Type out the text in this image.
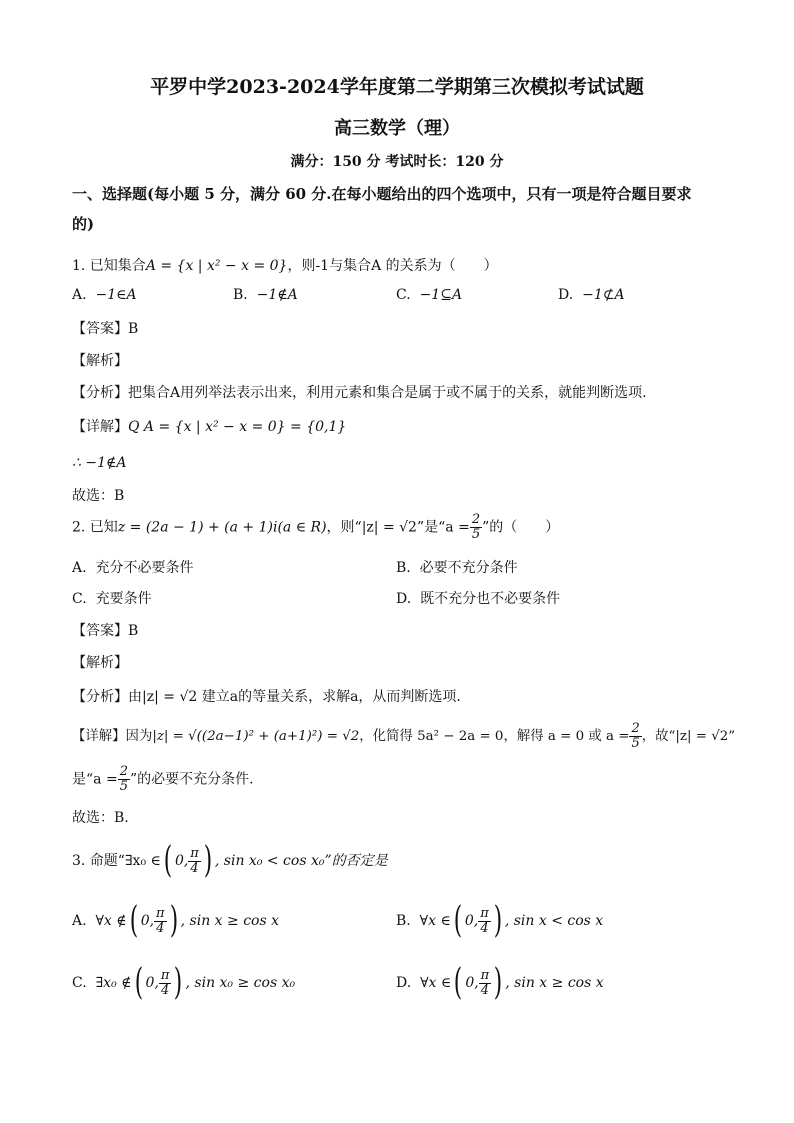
平罗中学2023-2024学年度第二学期第三次模拟考试试题
高三数学（理）
满分：150 分 考试时长：120 分
一、选择题(每小题 5 分，满分 60 分.在每小题给出的四个选项中，只有一项是符合题目要求
的)
1. 已知集合A = {x | x² − x = 0}，则-1与集合A 的关系为（　　）
A. −1∈A	B. −1∉A	C. −1⊆A	D. −1⊄A
【答案】B
【解析】
【分析】把集合A用列举法表示出来，利用元素和集合是属于或不属于的关系，就能判断选项.
【详解】Q A = {x | x² − x = 0} = {0,1}
∴ −1∉A
故选：B
2. 已知z = (2a − 1) + (a + 1)i(a ∈ R)，则“|z| = √2”是“$a = \frac{2}{5}$ ”的（　　）
A. 充分不必要条件	B. 必要不充分条件
C. 充要条件	D. 既不充分也不必要条件
【答案】B
【解析】
【分析】由|z| = √2 建立a的等量关系，求解a，从而判断选项.
【详解】因为|z| = √((2a−1)² + (a+1)²) = √2，化简得 5a² − 2a = 0，解得 a = 0 或 $a = \frac{2}{5}$ ，故“|z| = √2”
是“$a = \frac{2}{5}$ ”的必要不充分条件.
故选：B.
3. 命题“∃x₀ ∈( 0, $\frac{\pi}{4}$ ) , sin x₀ < cos x₀”的否定是
A. ∀x ∉( 0, $\frac{\pi}{4}$ ) , sin x ≥ cos x	B. ∀x ∈( 0, $\frac{\pi}{4}$ ) , sin x < cos x
C. ∃x₀ ∉( 0, $\frac{\pi}{4}$ ) , sin x₀ ≥ cos x₀	D. ∀x ∈( 0, $\frac{\pi}{4}$ ) , sin x ≥ cos x
